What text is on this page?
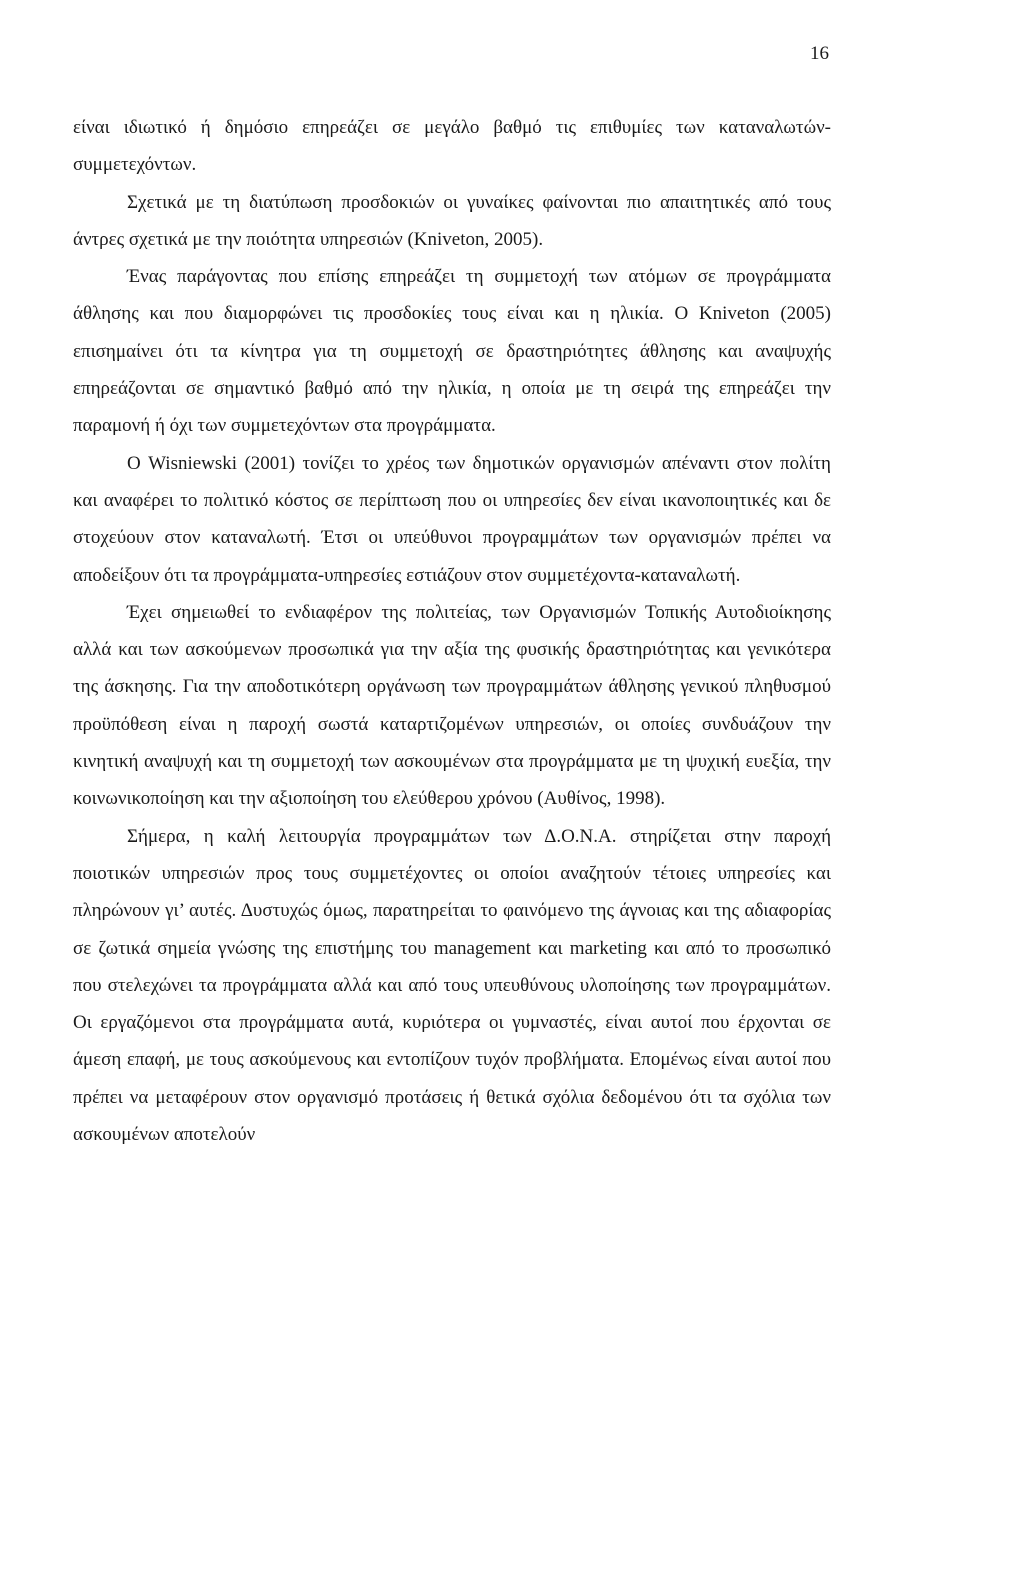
16

είναι ιδιωτικό ή δημόσιο επηρεάζει σε μεγάλο βαθμό τις επιθυμίες των καταναλωτών-συμμετεχόντων.

Σχετικά με τη διατύπωση προσδοκιών οι γυναίκες φαίνονται πιο απαιτητικές από τους άντρες σχετικά με την ποιότητα υπηρεσιών (Kniveton, 2005).

Ένας παράγοντας που επίσης επηρεάζει τη συμμετοχή των ατόμων σε προγράμματα άθλησης και που διαμορφώνει τις προσδοκίες τους είναι και η ηλικία. Ο Kniveton (2005) επισημαίνει ότι τα κίνητρα για τη συμμετοχή σε δραστηριότητες άθλησης και αναψυχής επηρεάζονται σε σημαντικό βαθμό από την ηλικία, η οποία με τη σειρά της επηρεάζει την παραμονή ή όχι των συμμετεχόντων στα προγράμματα.

Ο Wisniewski (2001) τονίζει το χρέος των δημοτικών οργανισμών απέναντι στον πολίτη και αναφέρει το πολιτικό κόστος σε περίπτωση που οι υπηρεσίες δεν είναι ικανοποιητικές και δε στοχεύουν στον καταναλωτή. Έτσι οι υπεύθυνοι προγραμμάτων των οργανισμών πρέπει να αποδείξουν ότι τα προγράμματα-υπηρεσίες εστιάζουν στον συμμετέχοντα-καταναλωτή.

Έχει σημειωθεί το ενδιαφέρον της πολιτείας, των Οργανισμών Τοπικής Αυτοδιοίκησης αλλά και των ασκούμενων προσωπικά για την αξία της φυσικής δραστηριότητας και γενικότερα της άσκησης. Για την αποδοτικότερη οργάνωση των προγραμμάτων άθλησης γενικού πληθυσμού προϋπόθεση είναι η παροχή σωστά καταρτιζομένων υπηρεσιών, οι οποίες συνδυάζουν την κινητική αναψυχή και τη συμμετοχή των ασκουμένων στα προγράμματα με τη ψυχική ευεξία, την κοινωνικοποίηση και την αξιοποίηση του ελεύθερου χρόνου (Αυθίνος, 1998).

Σήμερα, η καλή λειτουργία προγραμμάτων των Δ.Ο.Ν.Α. στηρίζεται στην παροχή ποιοτικών υπηρεσιών προς τους συμμετέχοντες οι οποίοι αναζητούν τέτοιες υπηρεσίες και πληρώνουν γι’ αυτές. Δυστυχώς όμως, παρατηρείται το φαινόμενο της άγνοιας και της αδιαφορίας σε ζωτικά σημεία γνώσης της επιστήμης του management και marketing και από το προσωπικό που στελεχώνει τα προγράμματα αλλά και από τους υπευθύνους υλοποίησης των προγραμμάτων. Οι εργαζόμενοι στα προγράμματα αυτά, κυριότερα οι γυμναστές, είναι αυτοί που έρχονται σε άμεση επαφή, με τους ασκούμενους και εντοπίζουν τυχόν προβλήματα. Επομένως είναι αυτοί που πρέπει να μεταφέρουν στον οργανισμό προτάσεις ή θετικά σχόλια δεδομένου ότι τα σχόλια των ασκουμένων αποτελούν
